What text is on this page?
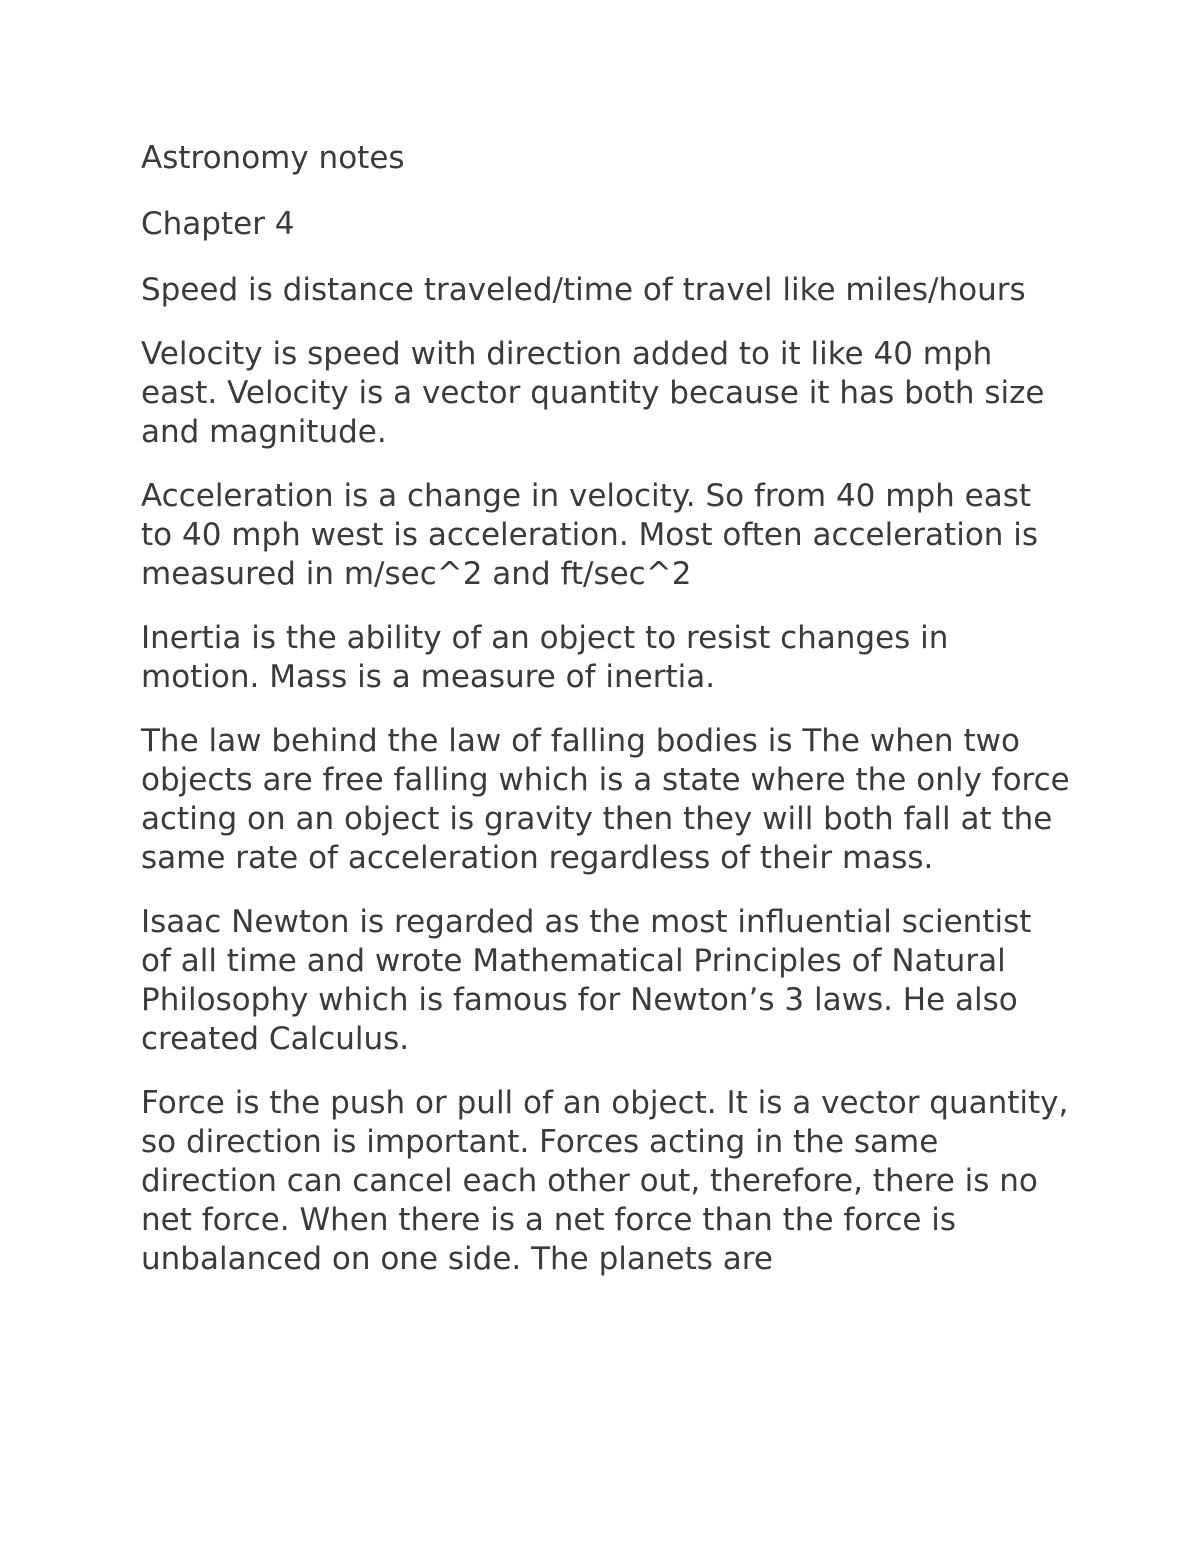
Astronomy notes

Chapter 4

Speed is distance traveled/time of travel like miles/hours

Velocity is speed with direction added to it like 40 mph east. Velocity is a vector quantity because it has both size and magnitude.

Acceleration is a change in velocity. So from 40 mph east to 40 mph west is acceleration. Most often acceleration is measured in m/sec^2 and ft/sec^2

Inertia is the ability of an object to resist changes in motion. Mass is a measure of inertia.

The law behind the law of falling bodies is The when two objects are free falling which is a state where the only force acting on an object is gravity then they will both fall at the same rate of acceleration regardless of their mass.

Isaac Newton is regarded as the most influential scientist of all time and wrote Mathematical Principles of Natural Philosophy which is famous for Newton’s 3 laws. He also created Calculus.

Force is the push or pull of an object. It is a vector quantity, so direction is important. Forces acting in the same direction can cancel each other out, therefore, there is no net force. When there is a net force than the force is unbalanced on one side. The planets are
